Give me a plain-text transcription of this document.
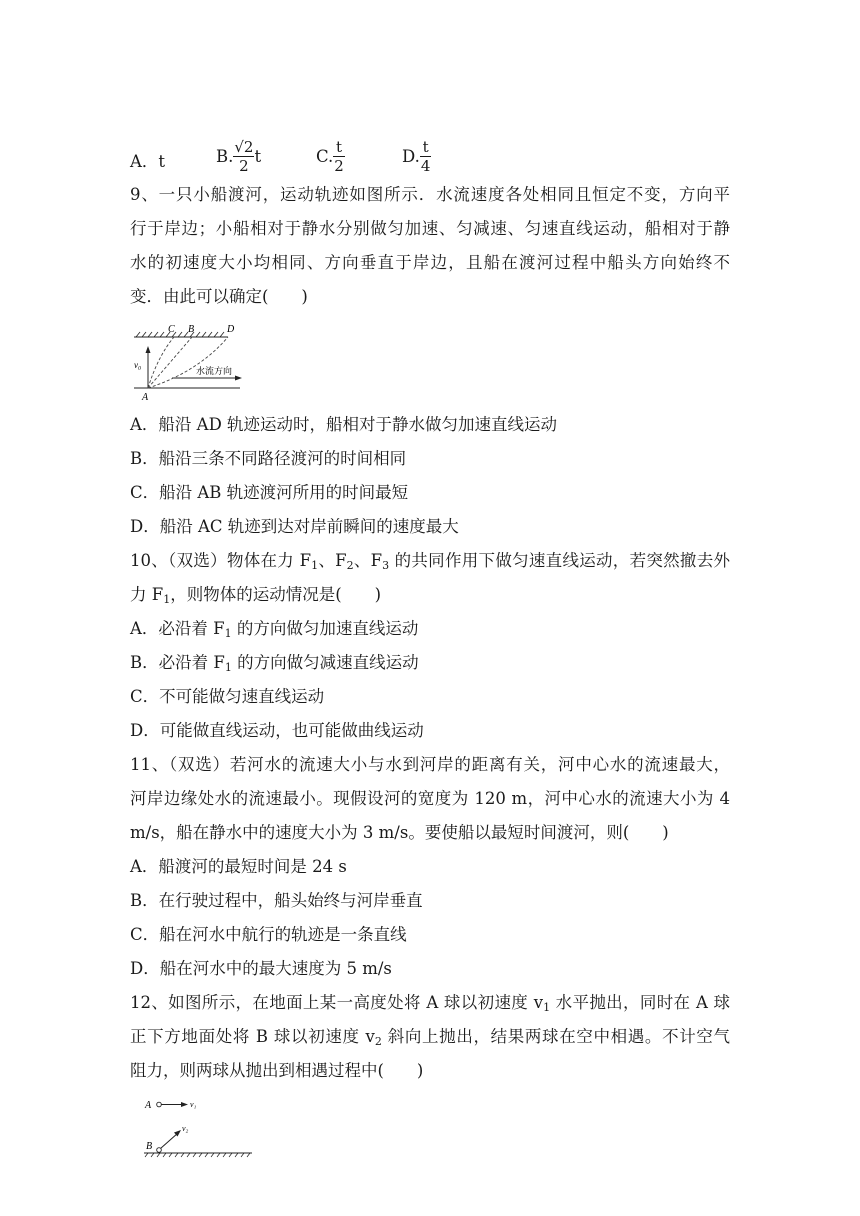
A．t	B. $\frac{√2}{2}$ t	C. $\frac{t}{2}$	D. $\frac{t}{4}$
9、一只小船渡河，运动轨迹如图所示．水流速度各处相同且恒定不变，方向平
行于岸边；小船相对于静水分别做匀加速、匀减速、匀速直线运动，船相对于静
水的初速度大小均相同、方向垂直于岸边，且船在渡河过程中船头方向始终不
变．由此可以确定(　　)
C B	D
A
v₀
水流方向
A．船沿 AD 轨迹运动时，船相对于静水做匀加速直线运动
B．船沿三条不同路径渡河的时间相同
C．船沿 AB 轨迹渡河所用的时间最短
D．船沿 AC 轨迹到达对岸前瞬间的速度最大
10、（双选）物体在力 $F_1$、$F_2$、$F_3$ 的共同作用下做匀速直线运动，若突然撤去外
力 $F_1$，则物体的运动情况是(　　)
A．必沿着 $F_1$ 的方向做匀加速直线运动
B．必沿着 $F_1$ 的方向做匀减速直线运动
C．不可能做匀速直线运动
D．可能做直线运动，也可能做曲线运动
11、（双选）若河水的流速大小与水到河岸的距离有关，河中心水的流速最大，
河岸边缘处水的流速最小。现假设河的宽度为 120 m，河中心水的流速大小为 4
m/s，船在静水中的速度大小为 3 m/s。要使船以最短时间渡河，则(　　)
A．船渡河的最短时间是 24 s
B．在行驶过程中，船头始终与河岸垂直
C．船在河水中航行的轨迹是一条直线
D．船在河水中的最大速度为 5 m/s
12、如图所示，在地面上某一高度处将 A 球以初速度 $v_1$ 水平抛出，同时在 A 球
正下方地面处将 B 球以初速度 $v_2$ 斜向上抛出，结果两球在空中相遇。不计空气
阻力，则两球从抛出到相遇过程中(　　)
A	v₁
B
v₂
